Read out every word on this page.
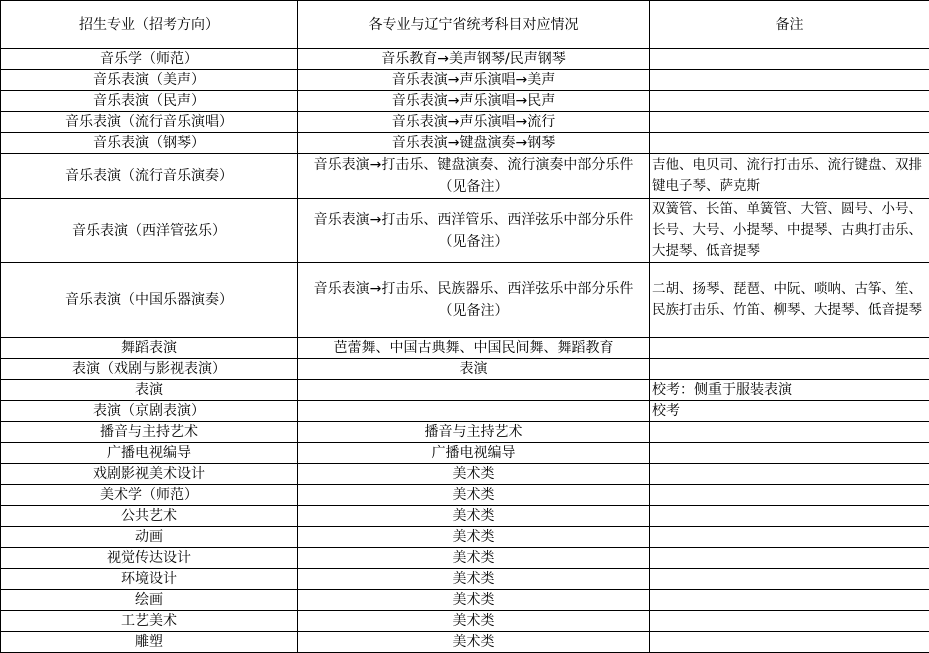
招生专业（招考方向）	各专业与辽宁省统考科目对应情况	备注
音乐学（师范）	音乐教育→美声钢琴/民声钢琴	
音乐表演（美声）	音乐表演→声乐演唱→美声	
音乐表演（民声）	音乐表演→声乐演唱→民声	
音乐表演（流行音乐演唱）	音乐表演→声乐演唱→流行	
音乐表演（钢琴）	音乐表演→键盘演奏→钢琴	
音乐表演（流行音乐演奏）	音乐表演→打击乐、键盘演奏、流行演奏中部分乐件（见备注）	吉他、电贝司、流行打击乐、流行键盘、双排键电子琴、萨克斯
音乐表演（西洋管弦乐）	音乐表演→打击乐、西洋管乐、西洋弦乐中部分乐件（见备注）	双簧管、长笛、单簧管、大管、圆号、小号、长号、大号、小提琴、中提琴、古典打击乐、大提琴、低音提琴
音乐表演（中国乐器演奏）	音乐表演→打击乐、民族器乐、西洋弦乐中部分乐件（见备注）	二胡、扬琴、琵琶、中阮、唢呐、古筝、笙、民族打击乐、竹笛、柳琴、大提琴、低音提琴
舞蹈表演	芭蕾舞、中国古典舞、中国民间舞、舞蹈教育	
表演（戏剧与影视表演）	表演	
表演		校考：侧重于服装表演
表演（京剧表演）		校考
播音与主持艺术	播音与主持艺术	
广播电视编导	广播电视编导	
戏剧影视美术设计	美术类	
美术学（师范）	美术类	
公共艺术	美术类	
动画	美术类	
视觉传达设计	美术类	
环境设计	美术类	
绘画	美术类	
工艺美术	美术类	
雕塑	美术类	
